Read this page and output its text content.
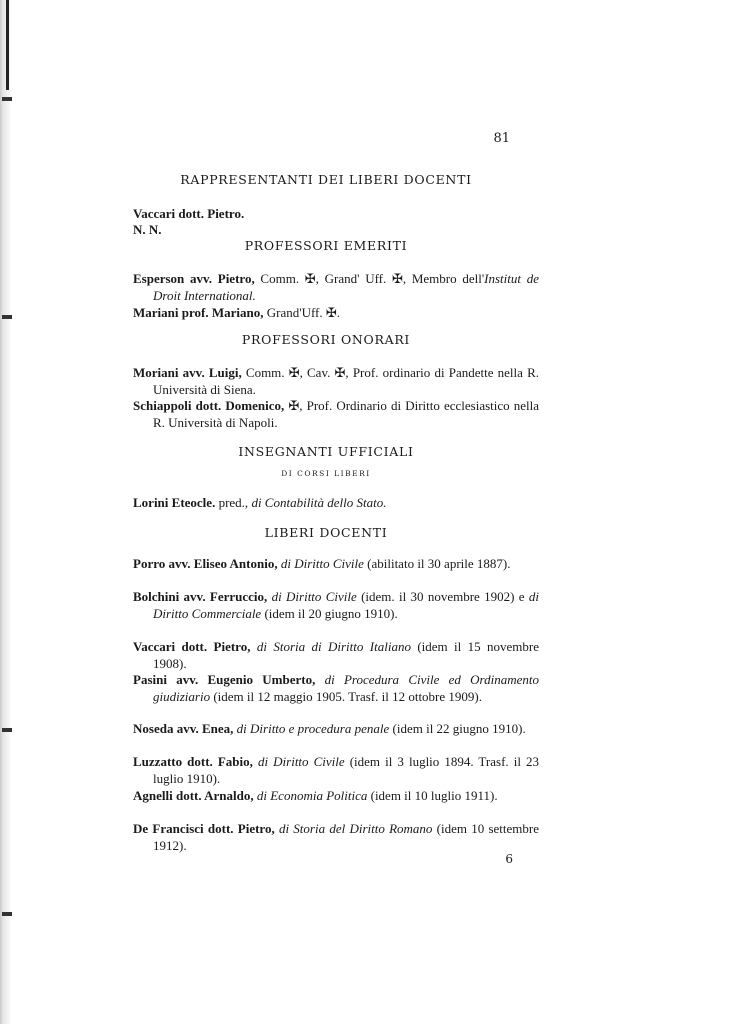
81
RAPPRESENTANTI DEI LIBERI DOCENTI
Vaccari dott. Pietro.
N. N.
PROFESSORI EMERITI
Esperson avv. Pietro, Comm. ✠, Grand' Uff. ✠, Membro dell'Institut de Droit International.
Mariani prof. Mariano, Grand'Uff. ✠.
PROFESSORI ONORARI
Moriani avv. Luigi, Comm. ✠, Cav. ✠, Prof. ordinario di Pandette nella R. Università di Siena.
Schiappoli dott. Domenico, ✠, Prof. Ordinario di Diritto ecclesiastico nella R. Università di Napoli.
INSEGNANTI UFFICIALI
DI CORSI LIBERI
Lorini Eteocle. pred., di Contabilità dello Stato.
LIBERI DOCENTI
Porro avv. Eliseo Antonio, di Diritto Civile (abilitato il 30 aprile 1887).
Bolchini avv. Ferruccio, di Diritto Civile (idem. il 30 novembre 1902) e di Diritto Commerciale (idem il 20 giugno 1910).
Vaccari dott. Pietro, di Storia di Diritto Italiano (idem il 15 novembre 1908).
Pasini avv. Eugenio Umberto, di Procedura Civile ed Ordinamento giudiziario (idem il 12 maggio 1905. Trasf. il 12 ottobre 1909).
Noseda avv. Enea, di Diritto e procedura penale (idem il 22 giugno 1910).
Luzzatto dott. Fabio, di Diritto Civile (idem il 3 luglio 1894. Trasf. il 23 luglio 1910).
Agnelli dott. Arnaldo, di Economia Politica (idem il 10 luglio 1911).
De Francisci dott. Pietro, di Storia del Diritto Romano (idem 10 settembre 1912).
6
